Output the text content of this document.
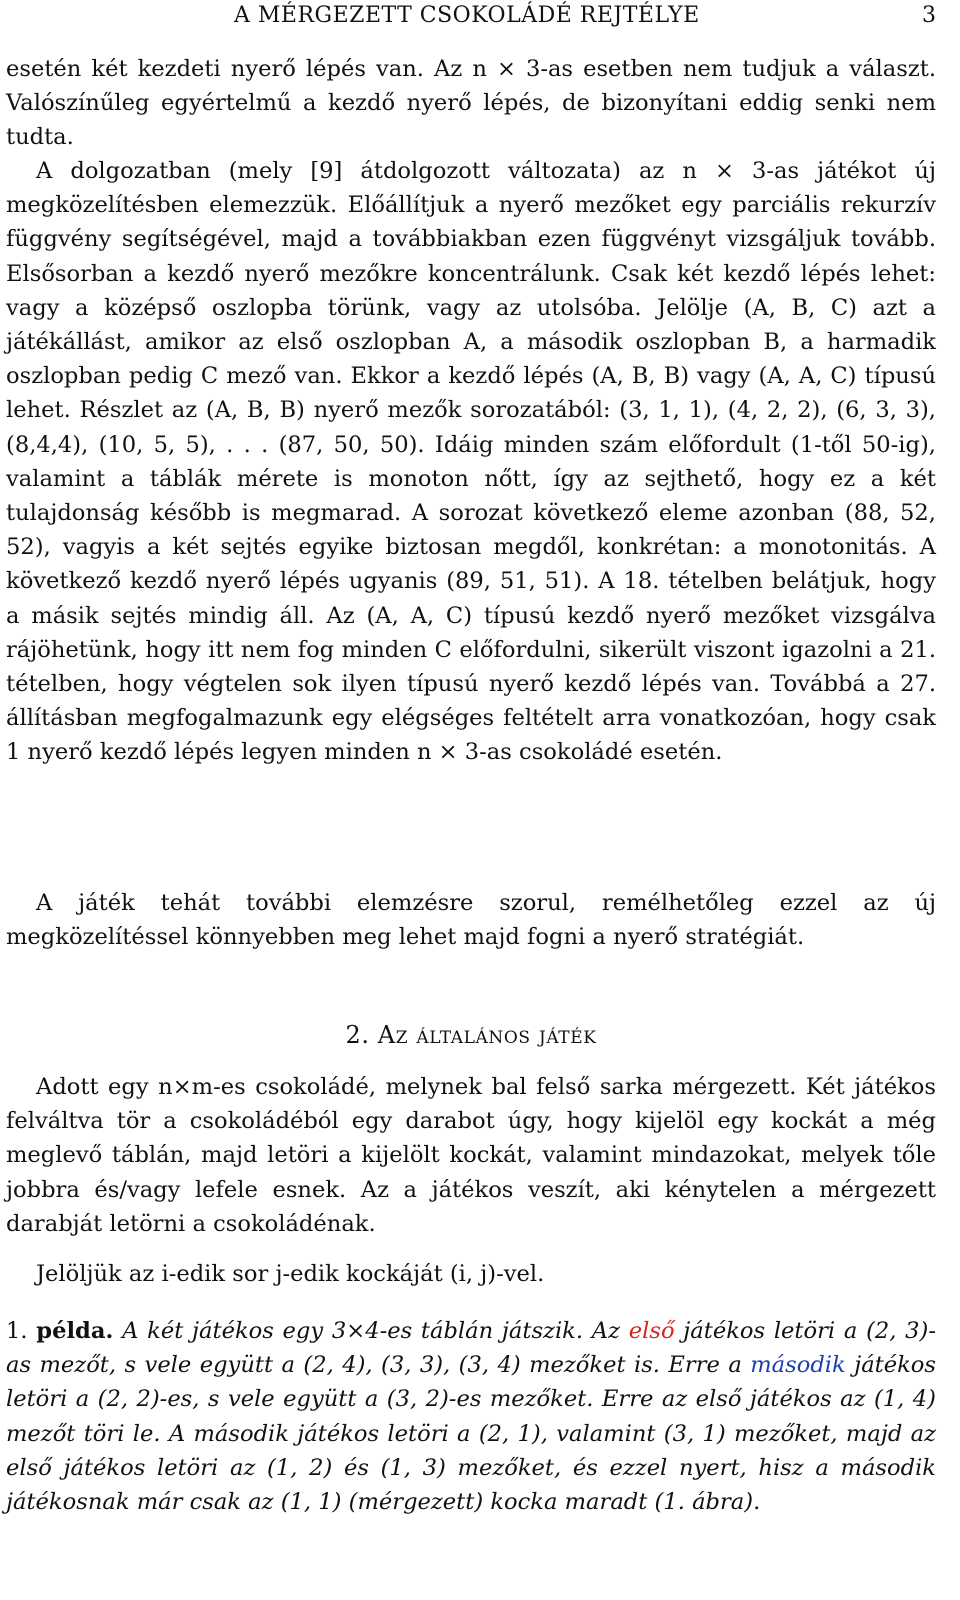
A MÉRGEZETT CSOKOLÁDÉ REJTÉLYE	3

esetén két kezdeti nyerő lépés van. Az n × 3-as esetben nem tudjuk a választ. Valószínűleg egyértelmű a kezdő nyerő lépés, de bizonyítani eddig senki nem tudta.

A dolgozatban (mely [9] átdolgozott változata) az n × 3-as játékot új megközelítésben elemezzük. Előállítjuk a nyerő mezőket egy parciális rekurzív függvény segítségével, majd a továbbiakban ezen függvényt vizsgáljuk tovább. Elsősorban a kezdő nyerő mezőkre koncentrálunk. Csak két kezdő lépés lehet: vagy a középső oszlopba törünk, vagy az utolsóba. Jelölje (A, B, C) azt a játékállást, amikor az első oszlopban A, a második oszlopban B, a harmadik oszlopban pedig C mező van. Ekkor a kezdő lépés (A, B, B) vagy (A, A, C) típusú lehet. Részlet az (A, B, B) nyerő mezők sorozatából: (3, 1, 1), (4, 2, 2), (6, 3, 3), (8,4,4), (10, 5, 5), . . . (87, 50, 50). Idáig minden szám előfordult (1-től 50-ig), valamint a táblák mérete is monoton nőtt, így az sejthető, hogy ez a két tulajdonság később is megmarad. A sorozat következő eleme azonban (88, 52, 52), vagyis a két sejtés egyike biztosan megdől, konkrétan: a monotonitás. A következő kezdő nyerő lépés ugyanis (89, 51, 51). A 18. tételben belátjuk, hogy a másik sejtés mindig áll. Az (A, A, C) típusú kezdő nyerő mezőket vizsgálva rájöhetünk, hogy itt nem fog minden C előfordulni, sikerült viszont igazolni a 21. tételben, hogy végtelen sok ilyen típusú nyerő kezdő lépés van. Továbbá a 27. állításban megfogalmazunk egy elégséges feltételt arra vonatkozóan, hogy csak 1 nyerő kezdő lépés legyen minden n × 3-as csokoládé esetén.

A játék tehát további elemzésre szorul, remélhetőleg ezzel az új megközelítéssel könnyebben meg lehet majd fogni a nyerő stratégiát.

2. Az általános játék

Adott egy n×m-es csokoládé, melynek bal felső sarka mérgezett. Két játékos felváltva tör a csokoládéból egy darabot úgy, hogy kijelöl egy kockát a még meglevő táblán, majd letöri a kijelölt kockát, valamint mindazokat, melyek tőle jobbra és/vagy lefele esnek. Az a játékos veszít, aki kénytelen a mérgezett darabját letörni a csokoládénak.

Jelöljük az i-edik sor j-edik kockáját (i, j)-vel.

1. példa. A két játékos egy 3×4-es táblán játszik. Az első játékos letöri a (2, 3)-as mezőt, s vele együtt a (2, 4), (3, 3), (3, 4) mezőket is. Erre a második játékos letöri a (2, 2)-es, s vele együtt a (3, 2)-es mezőket. Erre az első játékos az (1, 4) mezőt töri le. A második játékos letöri a (2, 1), valamint (3, 1) mezőket, majd az első játékos letöri az (1, 2) és (1, 3) mezőket, és ezzel nyert, hisz a második játékosnak már csak az (1, 1) (mérgezett) kocka maradt (1. ábra).
